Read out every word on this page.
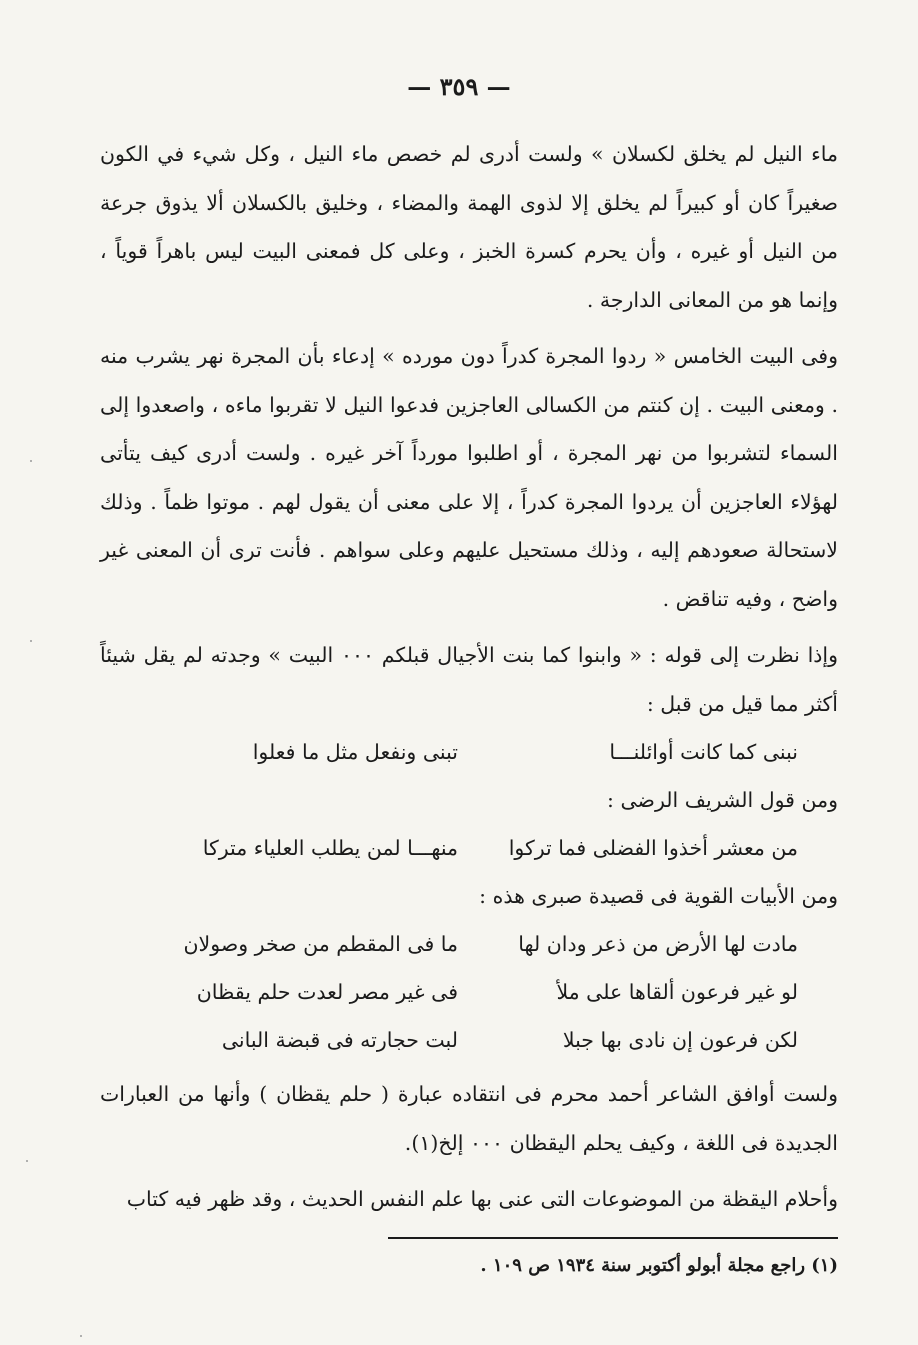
— ٣٥٩ —

ماء النيل لم يخلق لكسلان » ولست أدرى لم خصص ماء النيل ، وكل شيء في الكون صغيراً كان أو كبيراً لم يخلق إلا لذوى الهمة والمضاء ، وخليق بالكسلان ألا يذوق جرعة من النيل أو غيره ، وأن يحرم كسرة الخبز ، وعلى كل فمعنى البيت ليس باهراً قوياً ، وإنما هو من المعانى الدارجة .

وفى البيت الخامس « ردوا المجرة كدراً دون مورده » إدعاء بأن المجرة نهر يشرب منه . ومعنى البيت . إن كنتم من الكسالى العاجزين فدعوا النيل لا تقربوا ماءه ، واصعدوا إلى السماء لتشربوا من نهر المجرة ، أو اطلبوا مورداً آخر غيره . ولست أدرى كيف يتأتى لهؤلاء العاجزين أن يردوا المجرة كدراً ، إلا على معنى أن يقول لهم . موتوا ظماً . وذلك لاستحالة صعودهم إليه ، وذلك مستحيل عليهم وعلى سواهم . فأنت ترى أن المعنى غير واضح ، وفيه تناقض .

وإذا نظرت إلى قوله : « وابنوا كما بنت الأجيال قبلكم ٠٠٠ البيت » وجدته لم يقل شيئاً أكثر مما قيل من قبل :

نبنى كما كانت أوائلنـــا
تبنى ونفعل مثل ما فعلوا

ومن قول الشريف الرضى :

من معشر أخذوا الفضلى فما تركوا
منهـــا لمن يطلب العلياء متركا

ومن الأبيات القوية فى قصيدة صبرى هذه :

مادت لها الأرض من ذعر ودان لها
ما فى المقطم من صخر وصولان
لو غير فرعون ألقاها على ملأ
فى غير مصر لعدت حلم يقظان
لكن فرعون إن نادى بها جبلا
لبت حجارته فى قبضة البانى

ولست أوافق الشاعر أحمد محرم فى انتقاده عبارة ( حلم يقظان ) وأنها من العبارات الجديدة فى اللغة ، وكيف يحلم اليقظان ٠٠٠ إلخ(١).

وأحلام اليقظة من الموضوعات التى عنى بها علم النفس الحديث ، وقد ظهر فيه كتاب

(١) راجع مجلة أبولو أكتوبر سنة ١٩٣٤ ص ١٠٩ .
